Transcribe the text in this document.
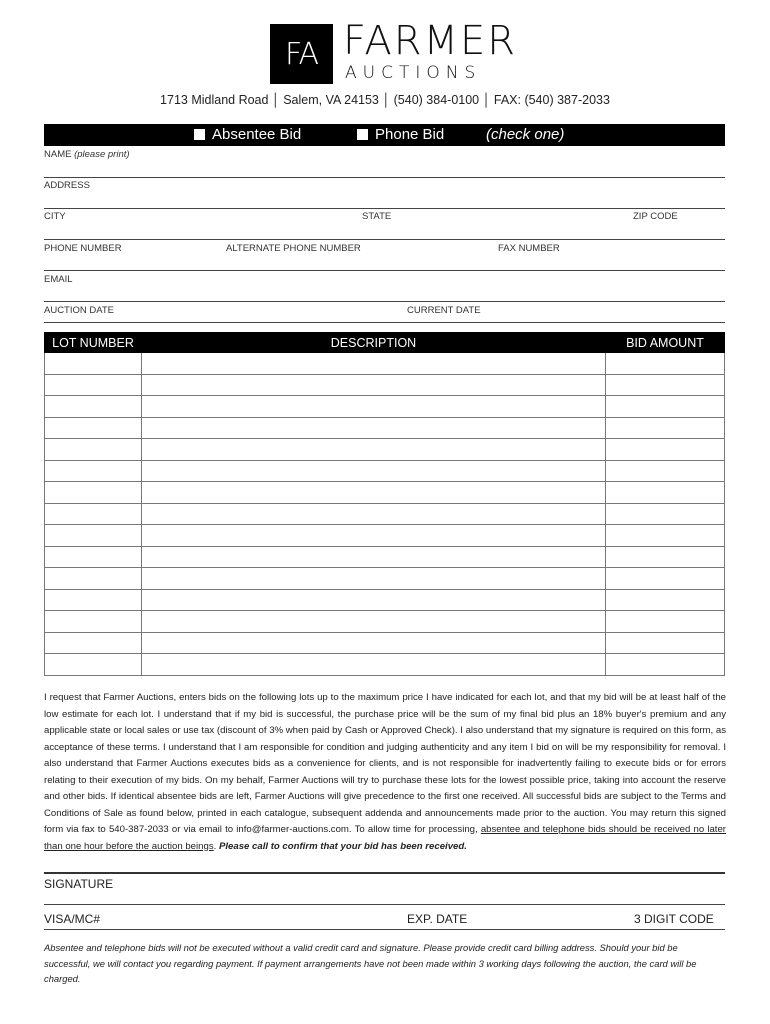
FA FARMER
AUCTIONS
1713 Midland Road │ Salem, VA 24153 │ (540) 384-0100 │ FAX: (540) 387-2033
Absentee Bid	Phone Bid	(check one)
NAME (please print)
ADDRESS
CITY	STATE	ZIP CODE
PHONE NUMBER	ALTERNATE PHONE NUMBER	FAX NUMBER
EMAIL
AUCTION DATE	CURRENT DATE
LOT NUMBER	DESCRIPTION	BID AMOUNT

I request that Farmer Auctions, enters bids on the following lots up to the maximum price I have indicated for each lot, and that my bid will be at least half of the low estimate for each lot. I understand that if my bid is successful, the purchase price will be the sum of my final bid plus an 18% buyer's premium and any applicable state or local sales or use tax (discount of 3% when paid by Cash or Approved Check). I also understand that my signature is required on this form, as acceptance of these terms. I understand that I am responsible for condition and judging authenticity and any item I bid on will be my responsibility for removal. I also understand that Farmer Auctions executes bids as a convenience for clients, and is not responsible for inadvertently failing to execute bids or for errors relating to their execution of my bids. On my behalf, Farmer Auctions will try to purchase these lots for the lowest possible price, taking into account the reserve and other bids. If identical absentee bids are left, Farmer Auctions will give precedence to the first one received. All successful bids are subject to the Terms and Conditions of Sale as found below, printed in each catalogue, subsequent addenda and announcements made prior to the auction. You may return this signed form via fax to 540-387-2033 or via email to info@farmer-auctions.com. To allow time for processing, absentee and telephone bids should be received no later than one hour before the auction beings. Please call to confirm that your bid has been received.
SIGNATURE
VISA/MC#	EXP. DATE	3 DIGIT CODE
Absentee and telephone bids will not be executed without a valid credit card and signature. Please provide credit card billing address. Should your bid be successful, we will contact you regarding payment. If payment arrangements have not been made within 3 working days following the auction, the card will be charged.
